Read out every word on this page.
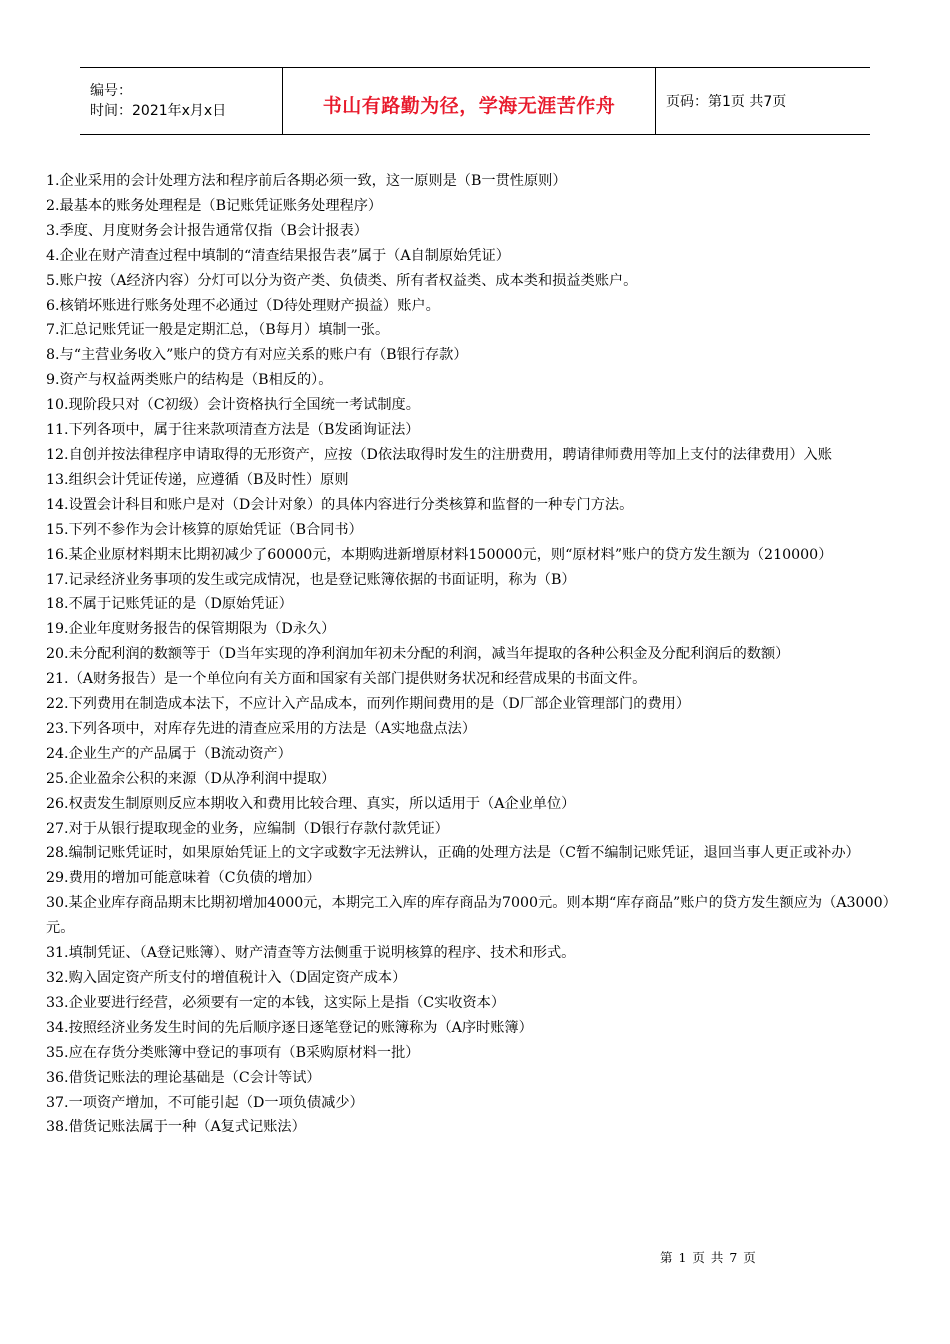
编号：
时间：2021年x月x日	书山有路勤为径，学海无涯苦作舟	页码：第1页 共7页

1.企业采用的会计处理方法和程序前后各期必须一致，这一原则是（B一贯性原则）

2.最基本的账务处理程是（B记账凭证账务处理程序）

3.季度、月度财务会计报告通常仅指（B会计报表）

4.企业在财产清查过程中填制的“清查结果报告表”属于（A自制原始凭证）

5.账户按（A经济内容）分灯可以分为资产类、负债类、所有者权益类、成本类和损益类账户。

6.核销坏账进行账务处理不必通过（D待处理财产损益）账户。

7.汇总记账凭证一般是定期汇总，（B每月）填制一张。

8.与“主营业务收入”账户的贷方有对应关系的账户有（B银行存款）

9.资产与权益两类账户的结构是（B相反的）。

10.现阶段只对（C初级）会计资格执行全国统一考试制度。

11.下列各项中，属于往来款项清查方法是（B发函询证法）

12.自创并按法律程序申请取得的无形资产，应按（D依法取得时发生的注册费用，聘请律师费用等加上支付的法律费用）入账

13.组织会计凭证传递，应遵循（B及时性）原则

14.设置会计科目和账户是对（D会计对象）的具体内容进行分类核算和监督的一种专门方法。

15.下列不参作为会计核算的原始凭证（B合同书）

16.某企业原材料期末比期初减少了60000元，本期购进新增原材料150000元，则“原材料”账户的贷方发生额为（210000）

17.记录经济业务事项的发生或完成情况，也是登记账簿依据的书面证明，称为（B）

18.不属于记账凭证的是（D原始凭证）

19.企业年度财务报告的保管期限为（D永久）

20.未分配利润的数额等于（D当年实现的净利润加年初未分配的利润，减当年提取的各种公积金及分配利润后的数额）

21.（A财务报告）是一个单位向有关方面和国家有关部门提供财务状况和经营成果的书面文件。

22.下列费用在制造成本法下，不应计入产品成本，而列作期间费用的是（D厂部企业管理部门的费用）

23.下列各项中，对库存先进的清查应采用的方法是（A实地盘点法）

24.企业生产的产品属于（B流动资产）

25.企业盈余公积的来源（D从净利润中提取）

26.权责发生制原则反应本期收入和费用比较合理、真实，所以适用于（A企业单位）

27.对于从银行提取现金的业务，应编制（D银行存款付款凭证）

28.编制记账凭证时，如果原始凭证上的文字或数字无法辨认，正确的处理方法是（C暂不编制记账凭证，退回当事人更正或补办）

29.费用的增加可能意味着（C负债的增加）

30.某企业库存商品期末比期初增加4000元，本期完工入库的库存商品为7000元。则本期“库存商品”账户的贷方发生额应为（A3000）元。

31.填制凭证、（A登记账簿）、财产清查等方法侧重于说明核算的程序、技术和形式。

32.购入固定资产所支付的增值税计入（D固定资产成本）

33.企业要进行经营，必须要有一定的本钱，这实际上是指（C实收资本）

34.按照经济业务发生时间的先后顺序逐日逐笔登记的账簿称为（A序时账簿）

35.应在存货分类账簿中登记的事项有（B采购原材料一批）

36.借货记账法的理论基础是（C会计等试）

37.一项资产增加，不可能引起（D一项负债减少）

38.借货记账法属于一种（A复式记账法）

第 1 页 共 7 页
